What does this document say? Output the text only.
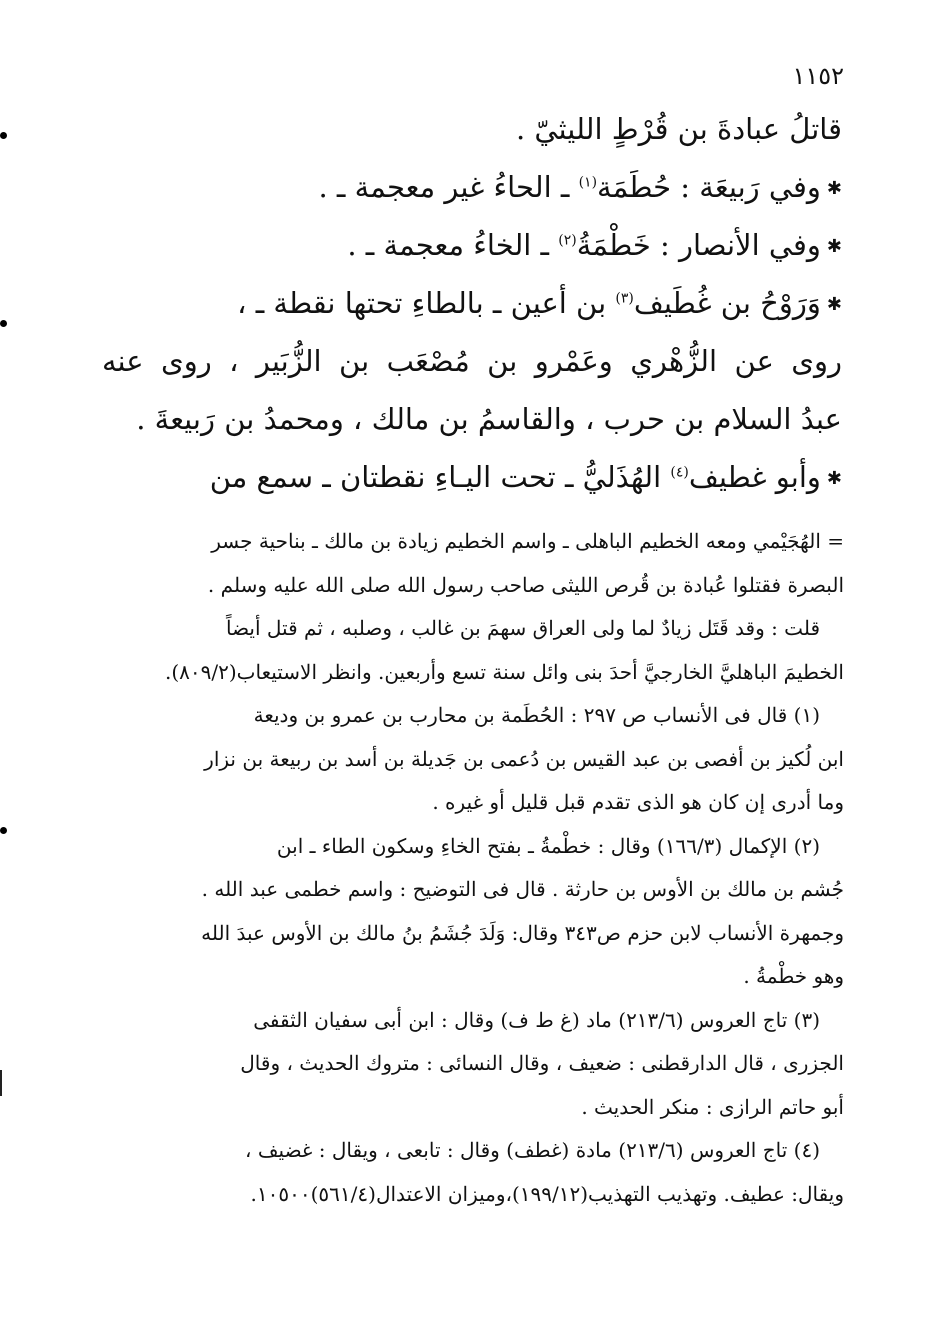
١١٥٢
قاتلُ عبادةَ بن قُرْطٍ الليثيّ .
✱وفي رَبيعَة : حُطَمَة$^{(١)}$ ـ الحاءُ غير معجمة ـ .
✱وفي الأنصار : خَطْمَةُ$^{(٢)}$ ـ الخاءُ معجمة ـ .
✱وَرَوْحُ بن غُطَيف$^{(٣)}$ بن أعين ـ بالطاءِ تحتها نقطة ـ ،
روى عن الزُّهْري وعَمْرو بن مُصْعَب بن الزُّبَير ، روى عنه
عبدُ السلام بن حرب ، والقاسمُ بن مالك ، ومحمدُ بن رَبيعةَ .
✱وأبو غطيف$^{(٤)}$ الهُذَليُّ ـ تحت اليـاءِ نقطتان ـ سمع من
= الهُجَيْمي ومعه الخطيم الباهلى ـ واسم الخطيم زيادة بن مالك ـ بناحية جسر
البصرة فقتلوا عُبادة بن قُرص الليثى صاحب رسول الله صلى الله عليه وسلم .
قلت : وقد قَتَل زيادٌ لما ولى العراق سهمَ بن غالب ، وصلبه ، ثم قتل أيضاً
الخطيمَ الباهليَّ الخارجيَّ أحدَ بنى وائل سنة تسع وأربعين. وانظر الاستيعاب(٨٠٩/٢).
(١) قال فى الأنساب ص ٢٩٧ : الحُطَمة بن محارب بن عمرو بن وديعة
ابن لُكيز بن أفصى بن عبد القيس بن دُعمى بن جَديلة بن أسد بن ربيعة بن نزار
وما أدرى إن كان هو الذى تقدم قبل قليل أو غيره .
(٢) الإكمال (١٦٦/٣) وقال : خطْمةُ ـ بفتح الخاءِ وسكون الطاء ـ ابن
جُشم بن مالك بن الأوس بن حارثة . قال فى التوضيح : واسم خطمى عبد الله .
وجمهرة الأنساب لابن حزم ص٣٤٣ وقال: وَلَدَ جُشَمُ بنُ مالك بن الأوس عبدَ الله
وهو خطْمةُ .
(٣) تاج العروس (٢١٣/٦) ماد (غ ط ف) وقال : ابن أبى سفيان الثقفى
الجزرى ، قال الدارقطنى : ضعيف ، وقال النسائى : متروك الحديث ، وقال
أبو حاتم الرازى : منكر الحديث .
(٤) تاج العروس (٢١٣/٦) مادة (غطف) وقال : تابعى ، ويقال : غضيف ،
ويقال: عطيف. وتهذيب التهذيب(١٩٩/١٢)،وميزان الاعتدال(٥٦١/٤)١٠٥٠٠.
